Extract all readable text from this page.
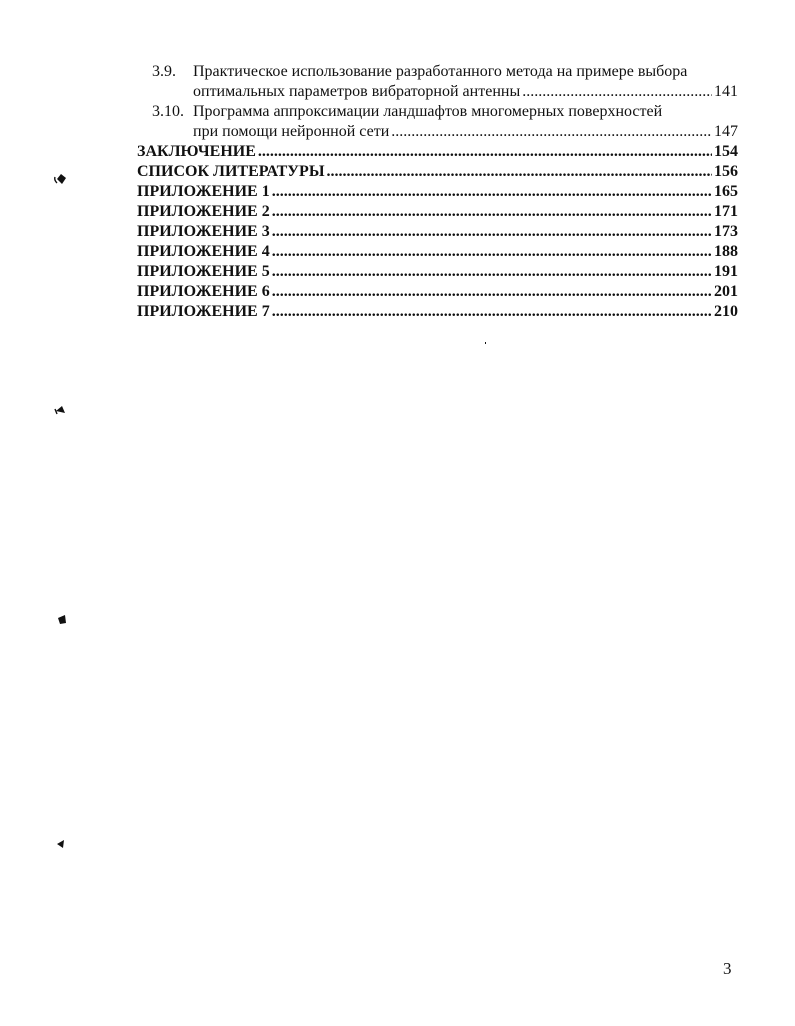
3.9. Практическое использование разработанного метода на примере выбора
оптимальных параметров вибраторной антенны .....	141
3.10. Программа аппроксимации ландшафтов многомерных поверхностей
при помощи нейронной сети .....	147
ЗАКЛЮЧЕНИЕ .....	154
СПИСОК ЛИТЕРАТУРЫ .....	156
ПРИЛОЖЕНИЕ 1 .....	165
ПРИЛОЖЕНИЕ 2 .....	171
ПРИЛОЖЕНИЕ 3 .....	173
ПРИЛОЖЕНИЕ 4 .....	188
ПРИЛОЖЕНИЕ 5 .....	191
ПРИЛОЖЕНИЕ 6 .....	201
ПРИЛОЖЕНИЕ 7 .....	210
3
